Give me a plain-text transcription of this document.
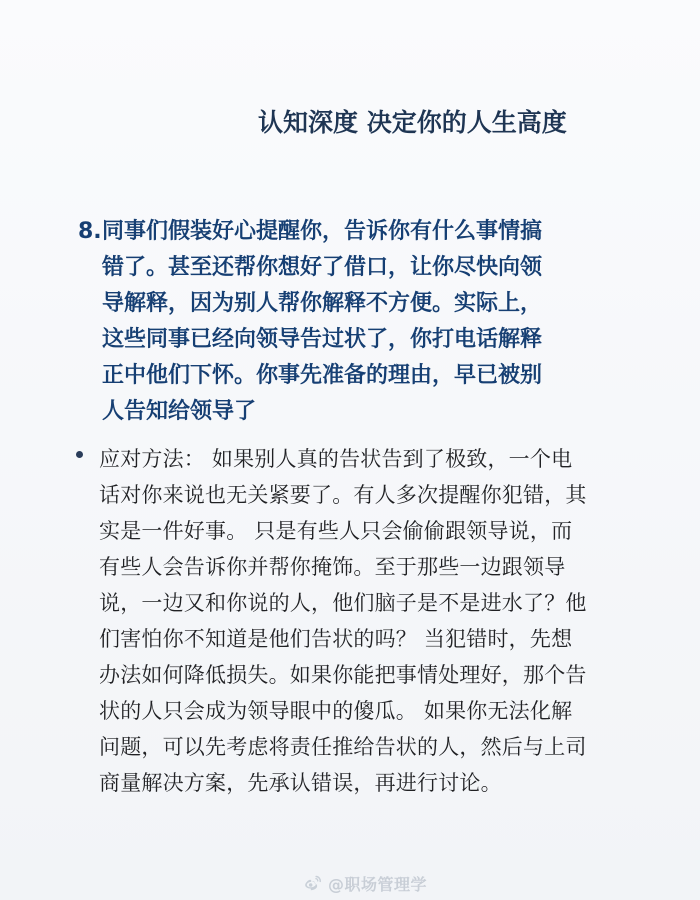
认知深度 决定你的人生高度
8. 同事们假装好心提醒你，告诉你有什么事情搞
错了。甚至还帮你想好了借口，让你尽快向领
导解释，因为别人帮你解释不方便。实际上，
这些同事已经向领导告过状了，你打电话解释
正中他们下怀。你事先准备的理由，早已被别
人告知给领导了
应对方法： 如果别人真的告状告到了极致，一个电
话对你来说也无关紧要了。有人多次提醒你犯错，其
实是一件好事。 只是有些人只会偷偷跟领导说，而
有些人会告诉你并帮你掩饰。至于那些一边跟领导
说，一边又和你说的人，他们脑子是不是进水了？他
们害怕你不知道是他们告状的吗？ 当犯错时，先想
办法如何降低损失。如果你能把事情处理好，那个告
状的人只会成为领导眼中的傻瓜。 如果你无法化解
问题，可以先考虑将责任推给告状的人，然后与上司
商量解决方案，先承认错误，再进行讨论。
@职场管理学
